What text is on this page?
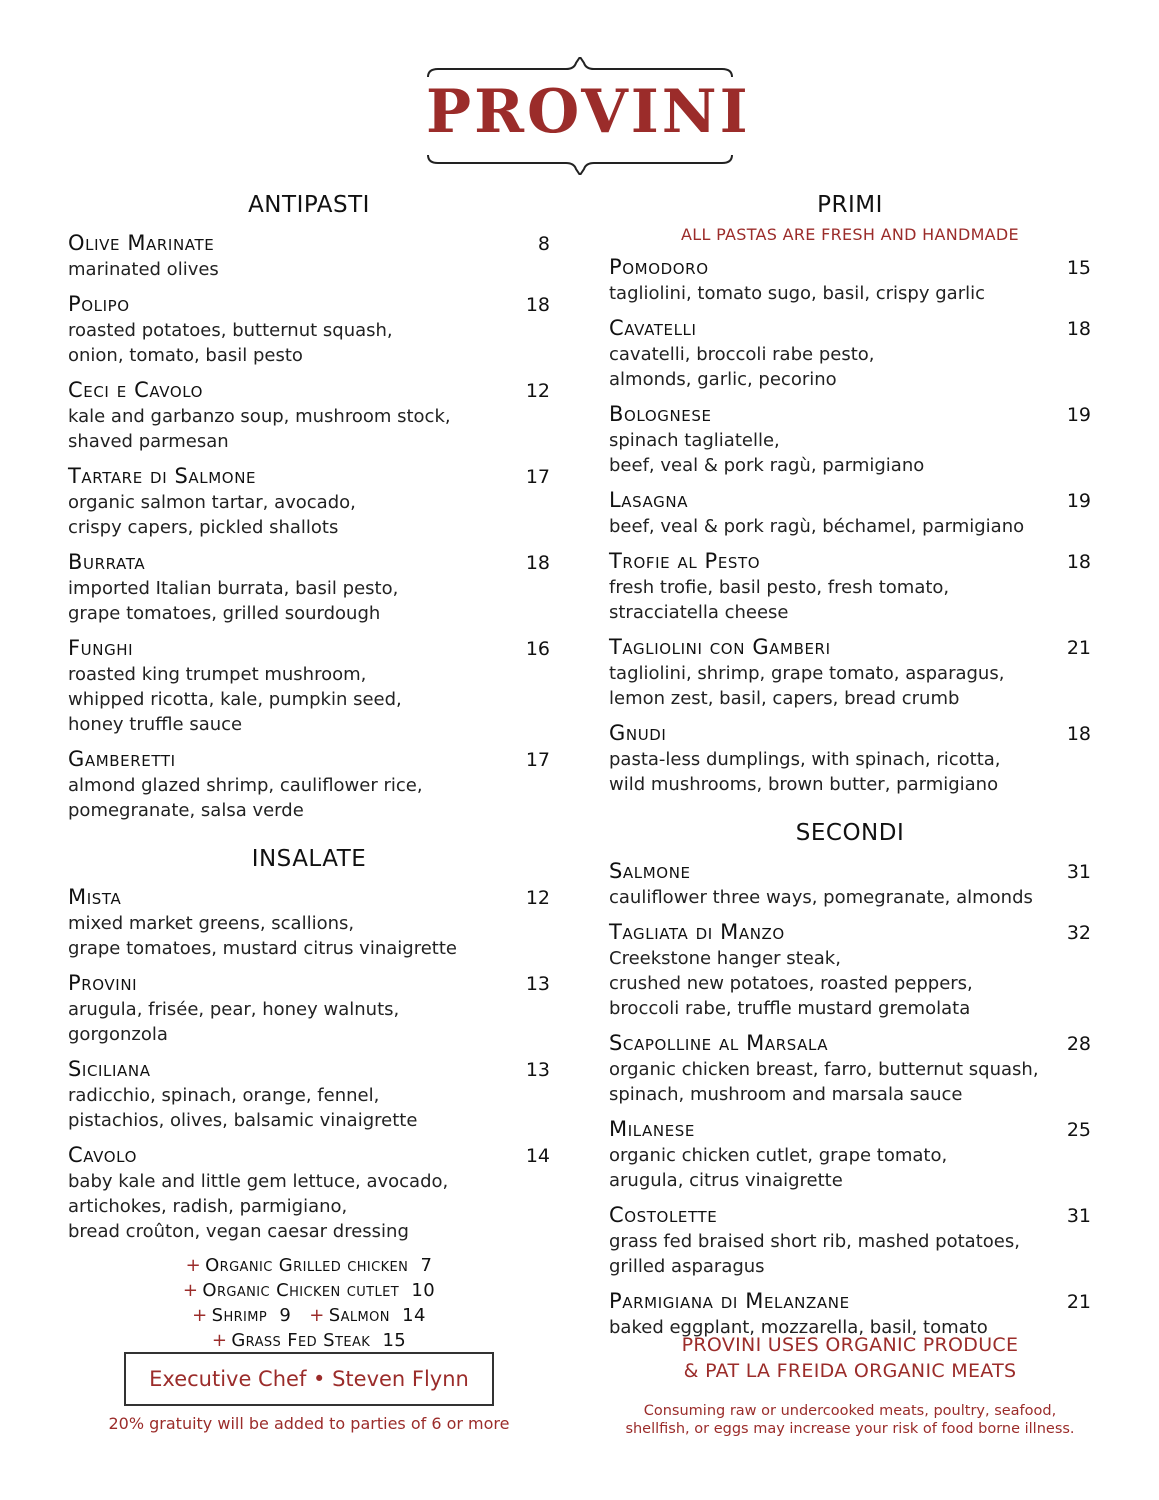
PROVINI
ANTIPASTI
Olive Marinate	8
marinated olives
Polipo	18
roasted potatoes, butternut squash,
onion, tomato, basil pesto
Ceci e Cavolo	12
kale and garbanzo soup, mushroom stock,
shaved parmesan
Tartare di Salmone	17
organic salmon tartar, avocado,
crispy capers, pickled shallots
Burrata	18
imported Italian burrata, basil pesto,
grape tomatoes, grilled sourdough
Funghi	16
roasted king trumpet mushroom,
whipped ricotta, kale, pumpkin seed,
honey truffle sauce
Gamberetti	17
almond glazed shrimp, cauliflower rice,
pomegranate, salsa verde
INSALATE
Mista	12
mixed market greens, scallions,
grape tomatoes, mustard citrus vinaigrette
Provini	13
arugula, frisée, pear, honey walnuts,
gorgonzola
Siciliana	13
radicchio, spinach, orange, fennel,
pistachios, olives, balsamic vinaigrette
Cavolo	14
baby kale and little gem lettuce, avocado,
artichokes, radish, parmigiano,
bread croûton, vegan caesar dressing
+ Organic Grilled chicken 7
+ Organic Chicken cutlet 10
+ Shrimp 9 + Salmon 14
+ Grass Fed Steak 15
PRIMI
ALL PASTAS ARE FRESH AND HANDMADE
Pomodoro	15
tagliolini, tomato sugo, basil, crispy garlic
Cavatelli	18
cavatelli, broccoli rabe pesto,
almonds, garlic, pecorino
Bolognese	19
spinach tagliatelle,
beef, veal & pork ragù, parmigiano
Lasagna	19
beef, veal & pork ragù, béchamel, parmigiano
Trofie al Pesto	18
fresh trofie, basil pesto, fresh tomato,
stracciatella cheese
Tagliolini con Gamberi	21
tagliolini, shrimp, grape tomato, asparagus,
lemon zest, basil, capers, bread crumb
Gnudi	18
pasta-less dumplings, with spinach, ricotta,
wild mushrooms, brown butter, parmigiano
SECONDI
Salmone	31
cauliflower three ways, pomegranate, almonds
Tagliata di Manzo	32
Creekstone hanger steak,
crushed new potatoes, roasted peppers,
broccoli rabe, truffle mustard gremolata
Scapolline al Marsala	28
organic chicken breast, farro, butternut squash,
spinach, mushroom and marsala sauce
Milanese	25
organic chicken cutlet, grape tomato,
arugula, citrus vinaigrette
Costolette	31
grass fed braised short rib, mashed potatoes,
grilled asparagus
Parmigiana di Melanzane	21
baked eggplant, mozzarella, basil, tomato
Executive Chef • Steven Flynn
20% gratuity will be added to parties of 6 or more
PROVINI USES ORGANIC PRODUCE
& PAT LA FREIDA ORGANIC MEATS
Consuming raw or undercooked meats, poultry, seafood,
shellfish, or eggs may increase your risk of food borne illness.
